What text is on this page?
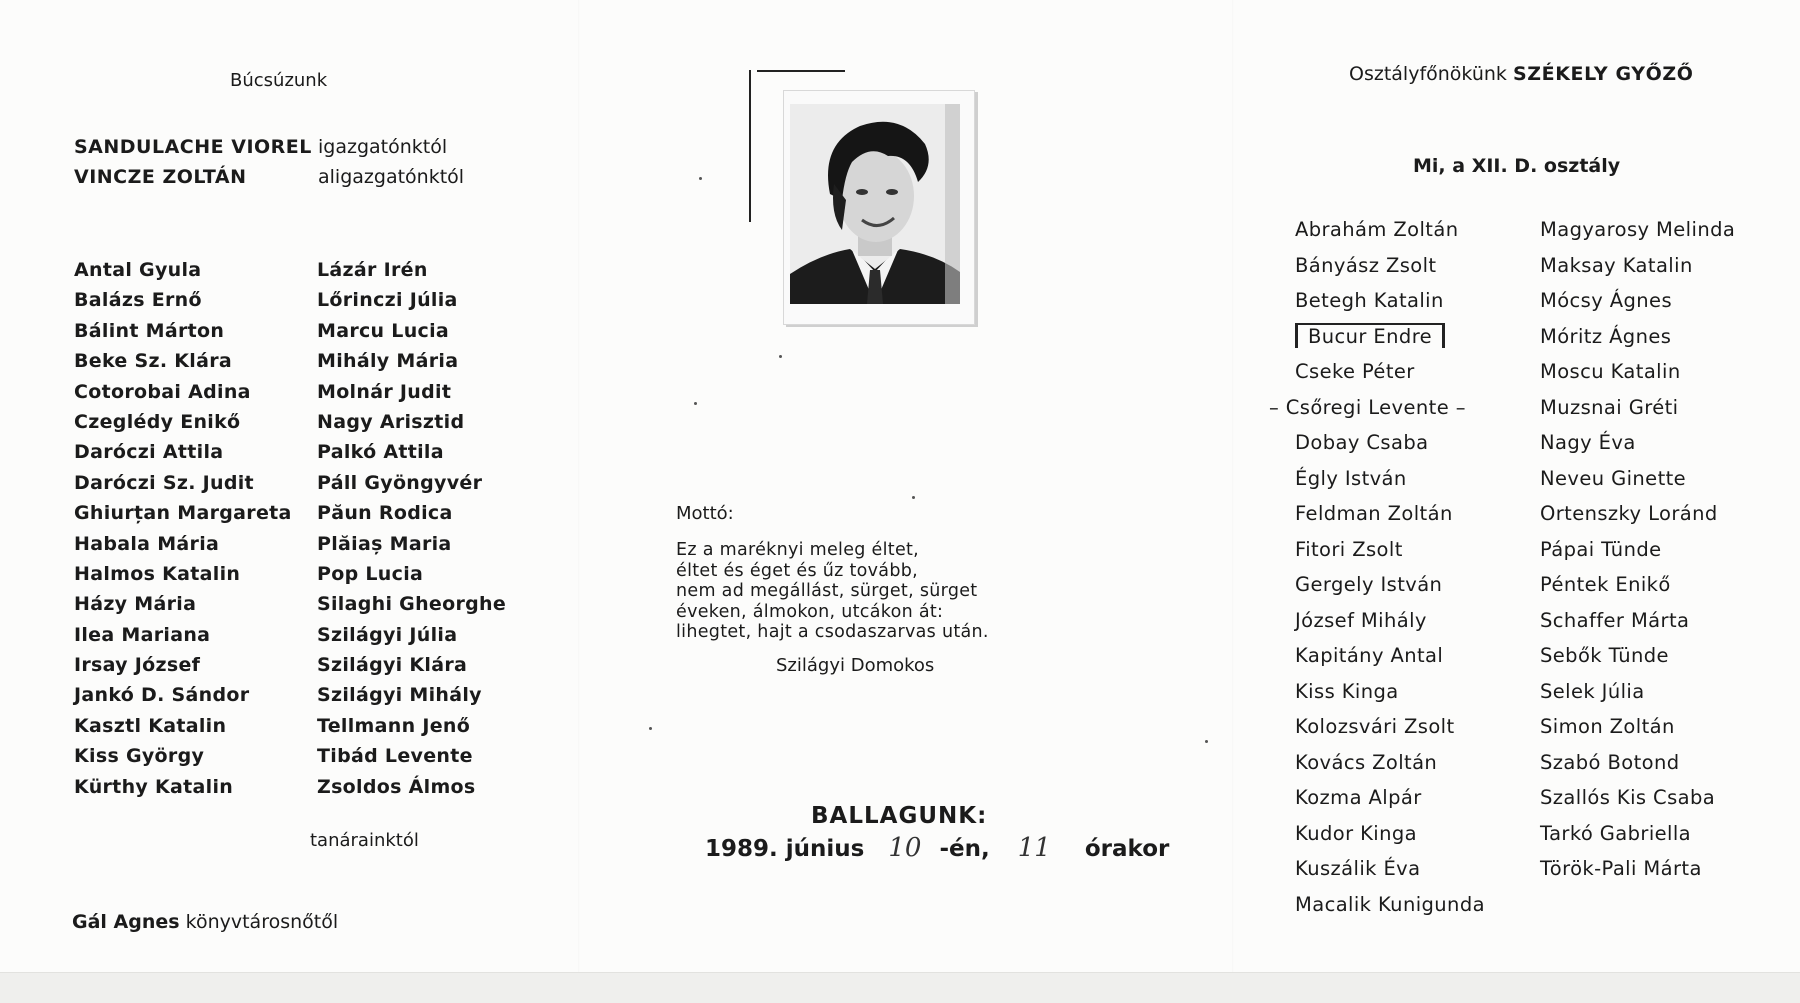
Búcsúzunk
SANDULACHE VIOREL igazgatónktól
VINCZE ZOLTÁN	aligazgatónktól
Antal Gyula
Balázs Ernő
Bálint Márton
Beke Sz. Klára
Cotorobai Adina
Czeglédy Enikő
Daróczi Attila
Daróczi Sz. Judit
Ghiurțan Margareta
Habala Mária
Halmos Katalin
Házy Mária
Ilea Mariana
Irsay József
Jankó D. Sándor
Kasztl Katalin
Kiss György
Kürthy Katalin
Lázár Irén
Lőrinczi Júlia
Marcu Lucia
Mihály Mária
Molnár Judit
Nagy Arisztid
Palkó Attila
Páll Gyöngyvér
Păun Rodica
Plăiaș Maria
Pop Lucia
Silaghi Gheorghe
Szilágyi Júlia
Szilágyi Klára
Szilágyi Mihály
Tellmann Jenő
Tibád Levente
Zsoldos Álmos
tanárainktól
Gál Agnes könyvtárosnőtől
Mottó:
Ez a maréknyi meleg éltet,
éltet és éget és űz tovább,
nem ad megállást, sürget, sürget
éveken, álmokon, utcákon át:
lihegtet, hajt a csodaszarvas után.
Szilágyi Domokos
BALLAGUNK:
1989. június 10 -én, 11 órakor
Osztályfőnökünk SZÉKELY GYŐZŐ
Mi, a XII. D. osztály
Abrahám Zoltán
Bányász Zsolt
Betegh Katalin
Bucur Endre
Cseke Péter
– Csőregi Levente –
Dobay Csaba
Égly István
Feldman Zoltán
Fitori Zsolt
Gergely István
József Mihály
Kapitány Antal
Kiss Kinga
Kolozsvári Zsolt
Kovács Zoltán
Kozma Alpár
Kudor Kinga
Kuszálik Éva
Macalik Kunigunda
Magyarosy Melinda
Maksay Katalin
Mócsy Ágnes
Móritz Ágnes
Moscu Katalin
Muzsnai Gréti
Nagy Éva
Neveu Ginette
Ortenszky Loránd
Pápai Tünde
Péntek Enikő
Schaffer Márta
Sebők Tünde
Selek Júlia
Simon Zoltán
Szabó Botond
Szallós Kis Csaba
Tarkó Gabriella
Török-Pali Márta
